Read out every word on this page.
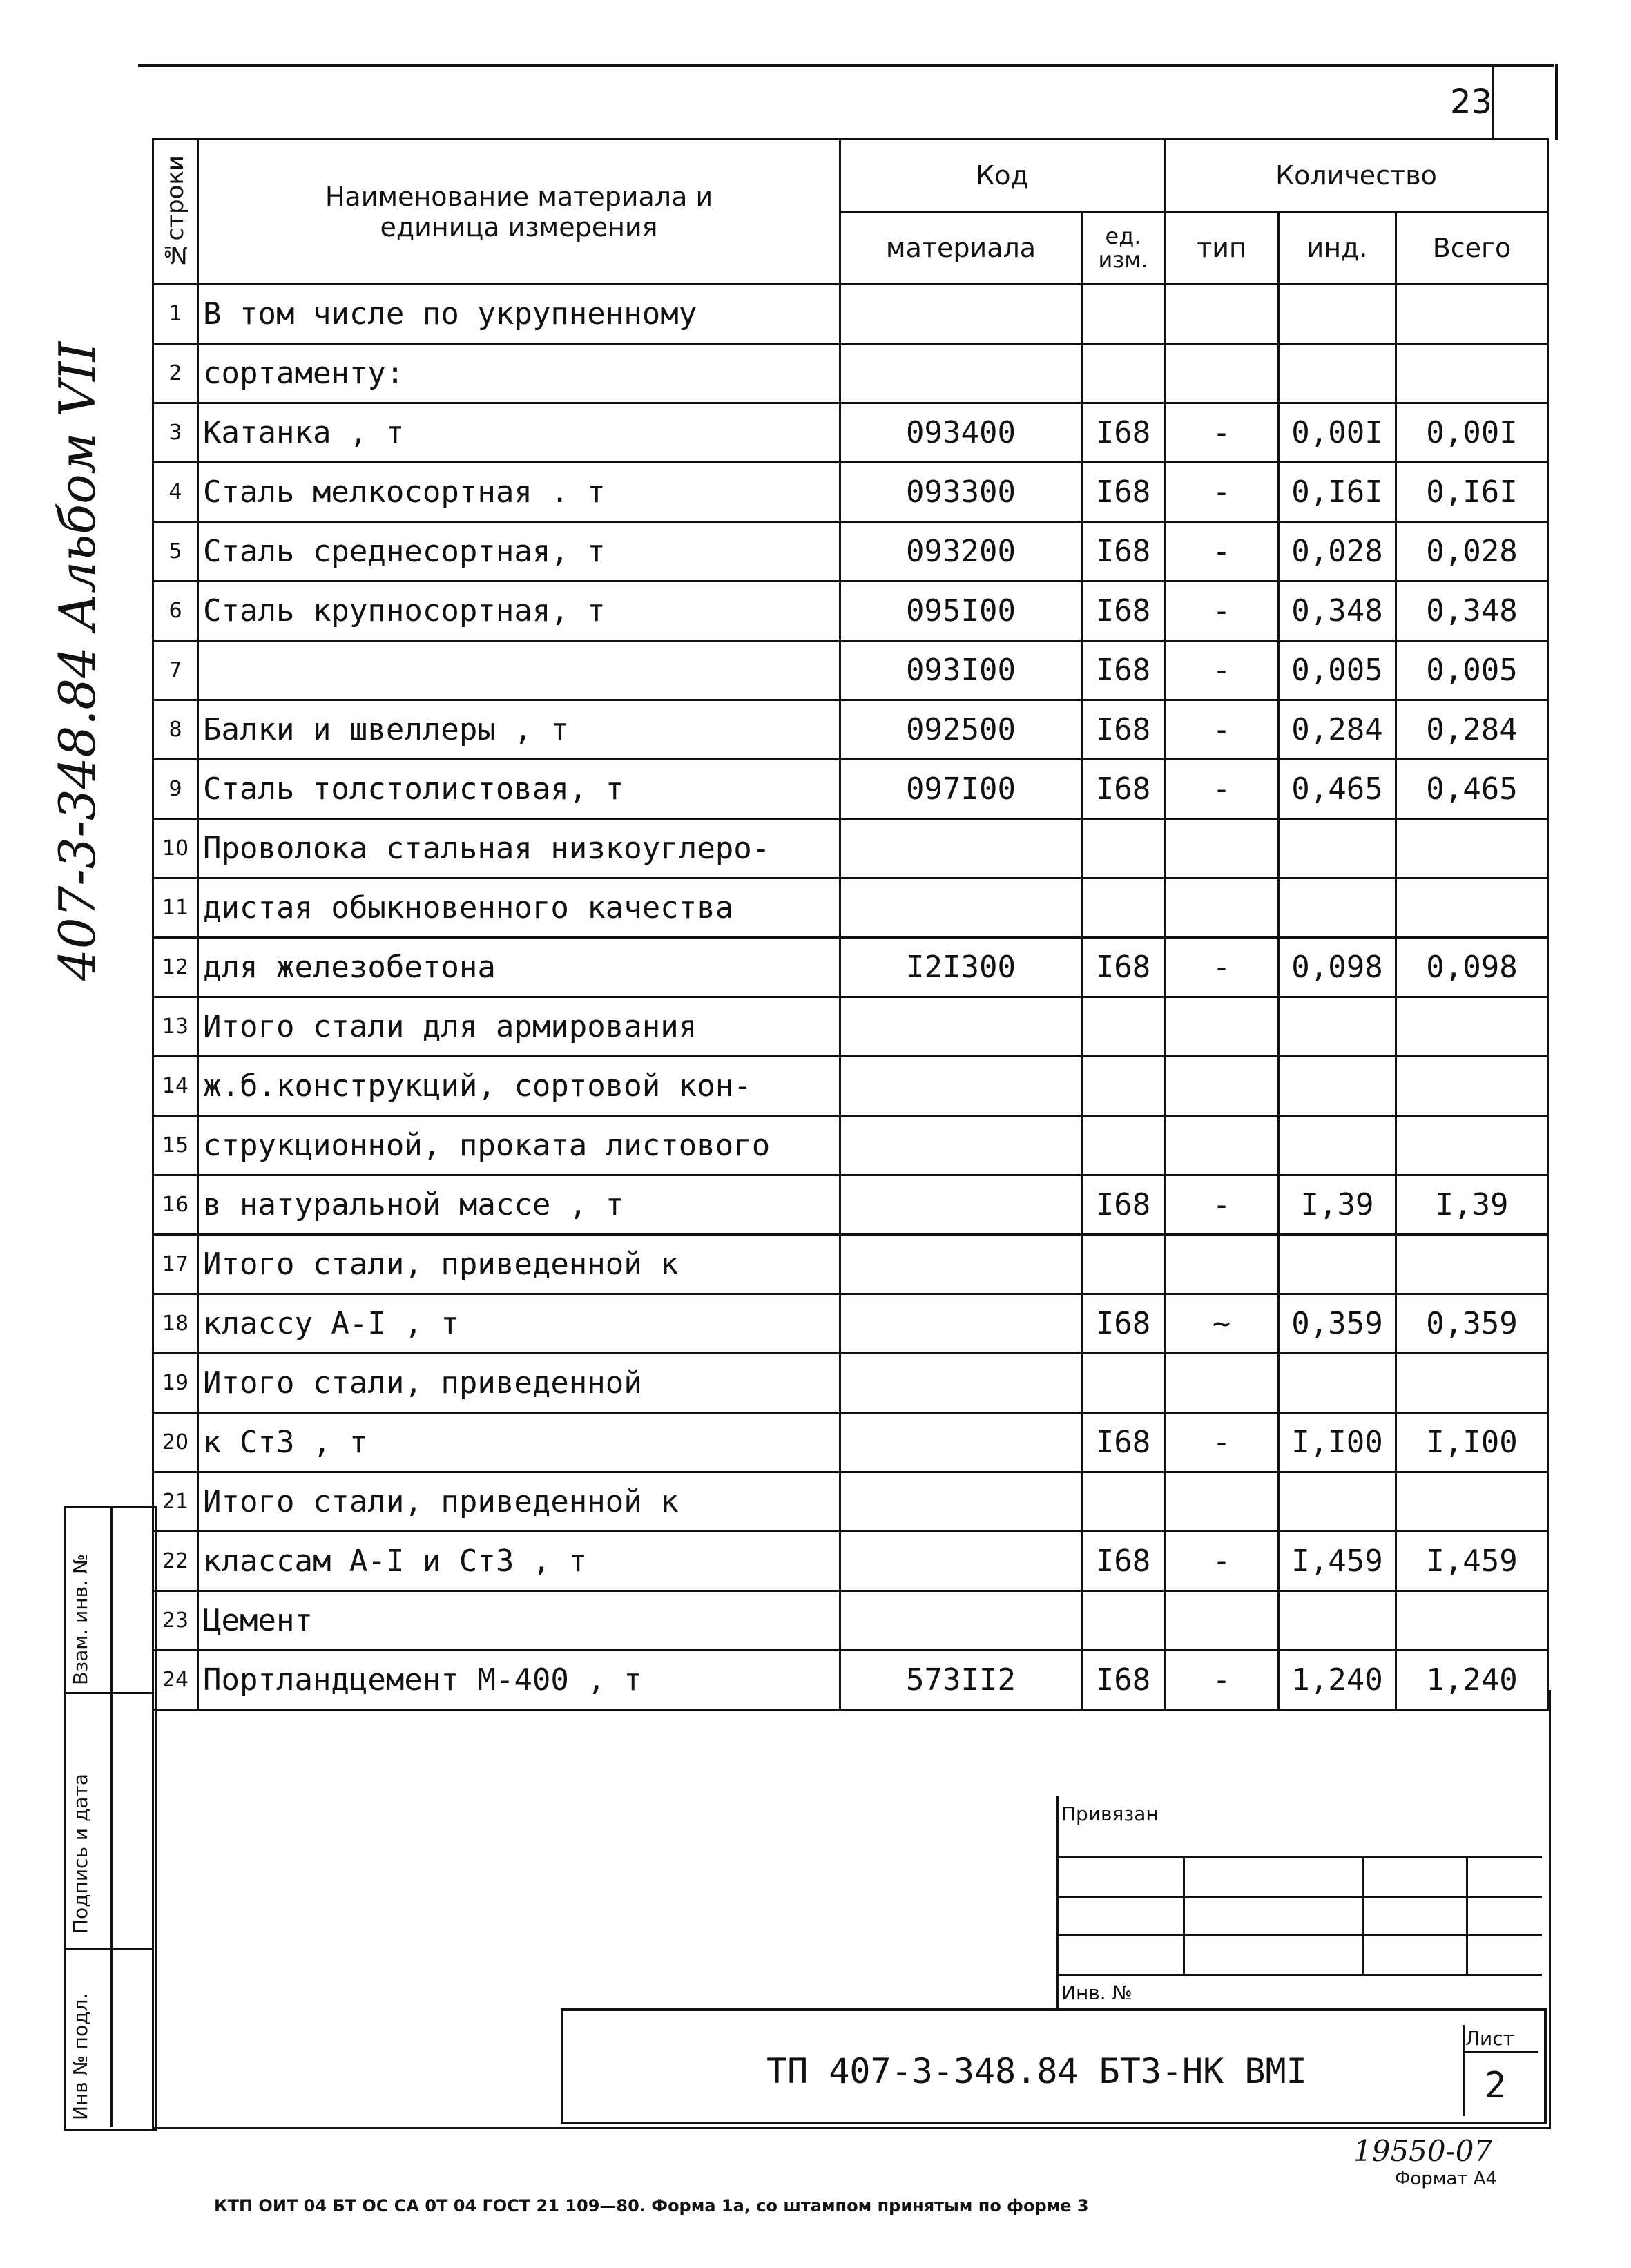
23
407-3-348.84 Альбом VII
№строки	Наименование материала и единица измерения	Код		Количество		
		материала	ед. изм.	тип	инд.	Всего
1	В том числе по укрупненному					
2	сортаменту:					
3	Катанка , т	093400	I68	-	0,00I	0,00I
4	Сталь мелкосортная . т	093300	I68	-	0,I6I	0,I6I
5	Сталь среднесортная, т	093200	I68	-	0,028	0,028
6	Сталь крупносортная, т	095I00	I68	-	0,348	0,348
7		093I00	I68	-	0,005	0,005
8	Балки и швеллеры , т	092500	I68	-	0,284	0,284
9	Сталь толстолистовая, т	097I00	I68	-	0,465	0,465
10	Проволока стальная низкоуглеро-					
11	дистая обыкновенного качества					
12	для железобетона	I2I300	I68	-	0,098	0,098
13	Итого стали для армирования					
14	ж.б.конструкций, сортовой кон-					
15	струкционной, проката листового					
16	в натуральной массе , т		I68	-	I,39	I,39
17	Итого стали, приведенной к					
18	классу А-I , т		I68	~	0,359	0,359
19	Итого стали, приведенной					
20	к Ст3 , т		I68	-	I,I00	I,I00
21	Итого стали, приведенной к					
22	классам А-I и Ст3 , т		I68	-	I,459	I,459
23	Цемент					
24	Портландцемент М-400 , т	573II2	I68	-	1,240	1,240
Привязан
Инв. №
ТП 407-3-348.84 БТ3-НК ВМI
Лист
2
Взам. инв. №
Подпись и дата
Инв № подл.
19550-07
Формат А4
КТП ОИТ 04 БТ ОС СА 0Т 04 ГОСТ 21 109—80. Форма 1а, со штампом принятым по форме 3
